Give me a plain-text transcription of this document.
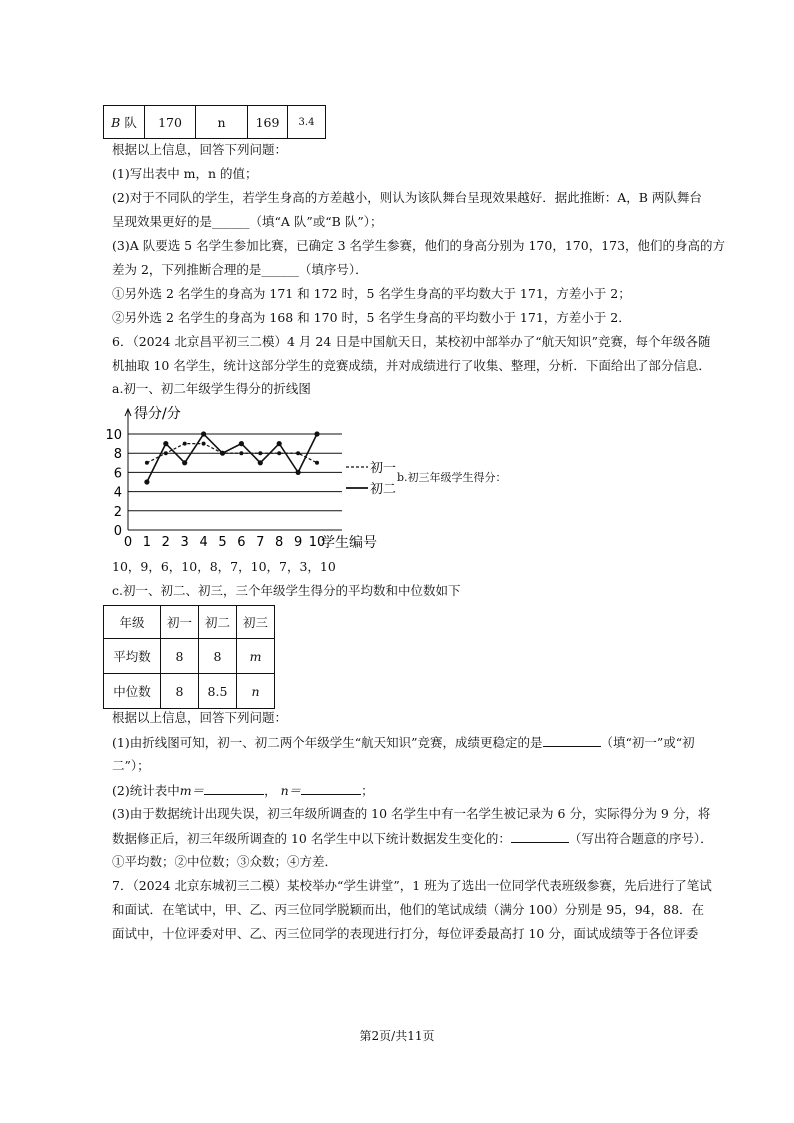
B 队	170	n	169	3.4
根据以上信息，回答下列问题：
(1)写出表中 m，n 的值；
(2)对于不同队的学生，若学生身高的方差越小，则认为该队舞台呈现效果越好．据此推断：A，B 两队舞台
呈现效果更好的是______（填“A 队”或“B 队”）；
(3)A 队要选 5 名学生参加比赛，已确定 3 名学生参赛，他们的身高分别为 170，170，173，他们的身高的方
差为 2，下列推断合理的是______（填序号）．
①另外选 2 名学生的身高为 171 和 172 时，5 名学生身高的平均数大于 171，方差小于 2；
②另外选 2 名学生的身高为 168 和 170 时，5 名学生身高的平均数小于 171，方差小于 2．
6．（2024 北京昌平初三二模）4 月 24 日是中国航天日，某校初中部举办了“航天知识”竞赛，每个年级各随
机抽取 10 名学生，统计这部分学生的竞赛成绩，并对成绩进行了收集、整理，分析．下面给出了部分信息．
a.初一、初二年级学生得分的折线图
0
2
4
6
8
10
0 1 2 3 4 5 6 7 8 9 10
得分/分
学生编号
初一
初二
b.初三年级学生得分：
10，9，6，10，8，7，10，7，3，10
c.初一、初二、初三，三个年级学生得分的平均数和中位数如下
年级	初一	初二	初三
平均数	8	8	m
中位数	8	8.5	n
根据以上信息，回答下列问题：
(1)由折线图可知，初一、初二两个年级学生“航天知识”竞赛，成绩更稳定的是	（填“初一”或“初
二”）；
(2)统计表中m＝	， n＝	；
(3)由于数据统计出现失误，初三年级所调查的 10 名学生中有一名学生被记录为 6 分，实际得分为 9 分，将
数据修正后，初三年级所调查的 10 名学生中以下统计数据发生变化的：	（写出符合题意的序号）．
①平均数；②中位数；③众数；④方差．
7．（2024 北京东城初三二模）某校举办“学生讲堂”，1 班为了选出一位同学代表班级参赛，先后进行了笔试
和面试．在笔试中，甲、乙、丙三位同学脱颖而出，他们的笔试成绩（满分 100）分别是 95，94，88．在
面试中，十位评委对甲、乙、丙三位同学的表现进行打分，每位评委最高打 10 分，面试成绩等于各位评委
第2页/共11页
